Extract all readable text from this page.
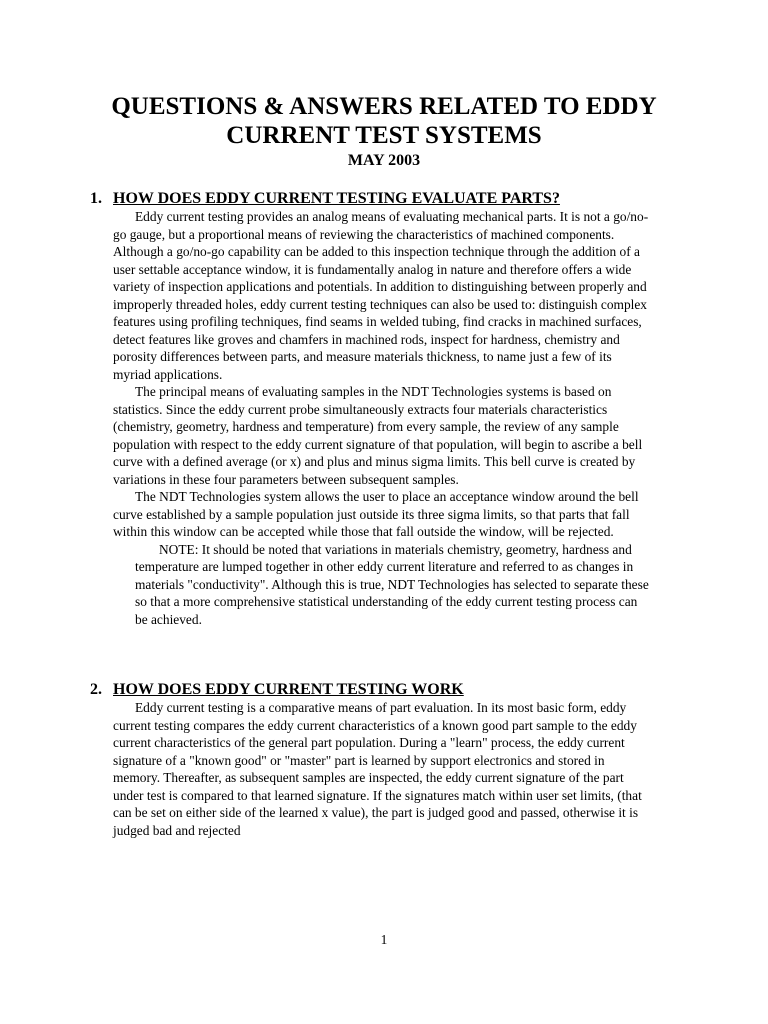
QUESTIONS & ANSWERS RELATED TO EDDY CURRENT TEST SYSTEMS
MAY 2003
1. HOW DOES EDDY CURRENT TESTING EVALUATE PARTS?

Eddy current testing provides an analog means of evaluating mechanical parts. It is not a go/no-go gauge, but a proportional means of reviewing the characteristics of machined components. Although a go/no-go capability can be added to this inspection technique through the addition of a user settable acceptance window, it is fundamentally analog in nature and therefore offers a wide variety of inspection applications and potentials. In addition to distinguishing between properly and improperly threaded holes, eddy current testing techniques can also be used to: distinguish complex features using profiling techniques, find seams in welded tubing, find cracks in machined surfaces, detect features like groves and chamfers in machined rods, inspect for hardness, chemistry and porosity differences between parts, and measure materials thickness, to name just a few of its myriad applications.

The principal means of evaluating samples in the NDT Technologies systems is based on statistics. Since the eddy current probe simultaneously extracts four materials characteristics (chemistry, geometry, hardness and temperature) from every sample, the review of any sample population with respect to the eddy current signature of that population, will begin to ascribe a bell curve with a defined average (or x) and plus and minus sigma limits. This bell curve is created by variations in these four parameters between subsequent samples.

The NDT Technologies system allows the user to place an acceptance window around the bell curve established by a sample population just outside its three sigma limits, so that parts that fall within this window can be accepted while those that fall outside the window, will be rejected.

NOTE: It should be noted that variations in materials chemistry, geometry, hardness and temperature are lumped together in other eddy current literature and referred to as changes in materials "conductivity". Although this is true, NDT Technologies has selected to separate these so that a more comprehensive statistical understanding of the eddy current testing process can be achieved.

2. HOW DOES EDDY CURRENT TESTING WORK

Eddy current testing is a comparative means of part evaluation. In its most basic form, eddy current testing compares the eddy current characteristics of a known good part sample to the eddy current characteristics of the general part population. During a "learn" process, the eddy current signature of a "known good" or "master" part is learned by support electronics and stored in memory. Thereafter, as subsequent samples are inspected, the eddy current signature of the part under test is compared to that learned signature. If the signatures match within user set limits, (that can be set on either side of the learned x value), the part is judged good and passed, otherwise it is judged bad and rejected

1
